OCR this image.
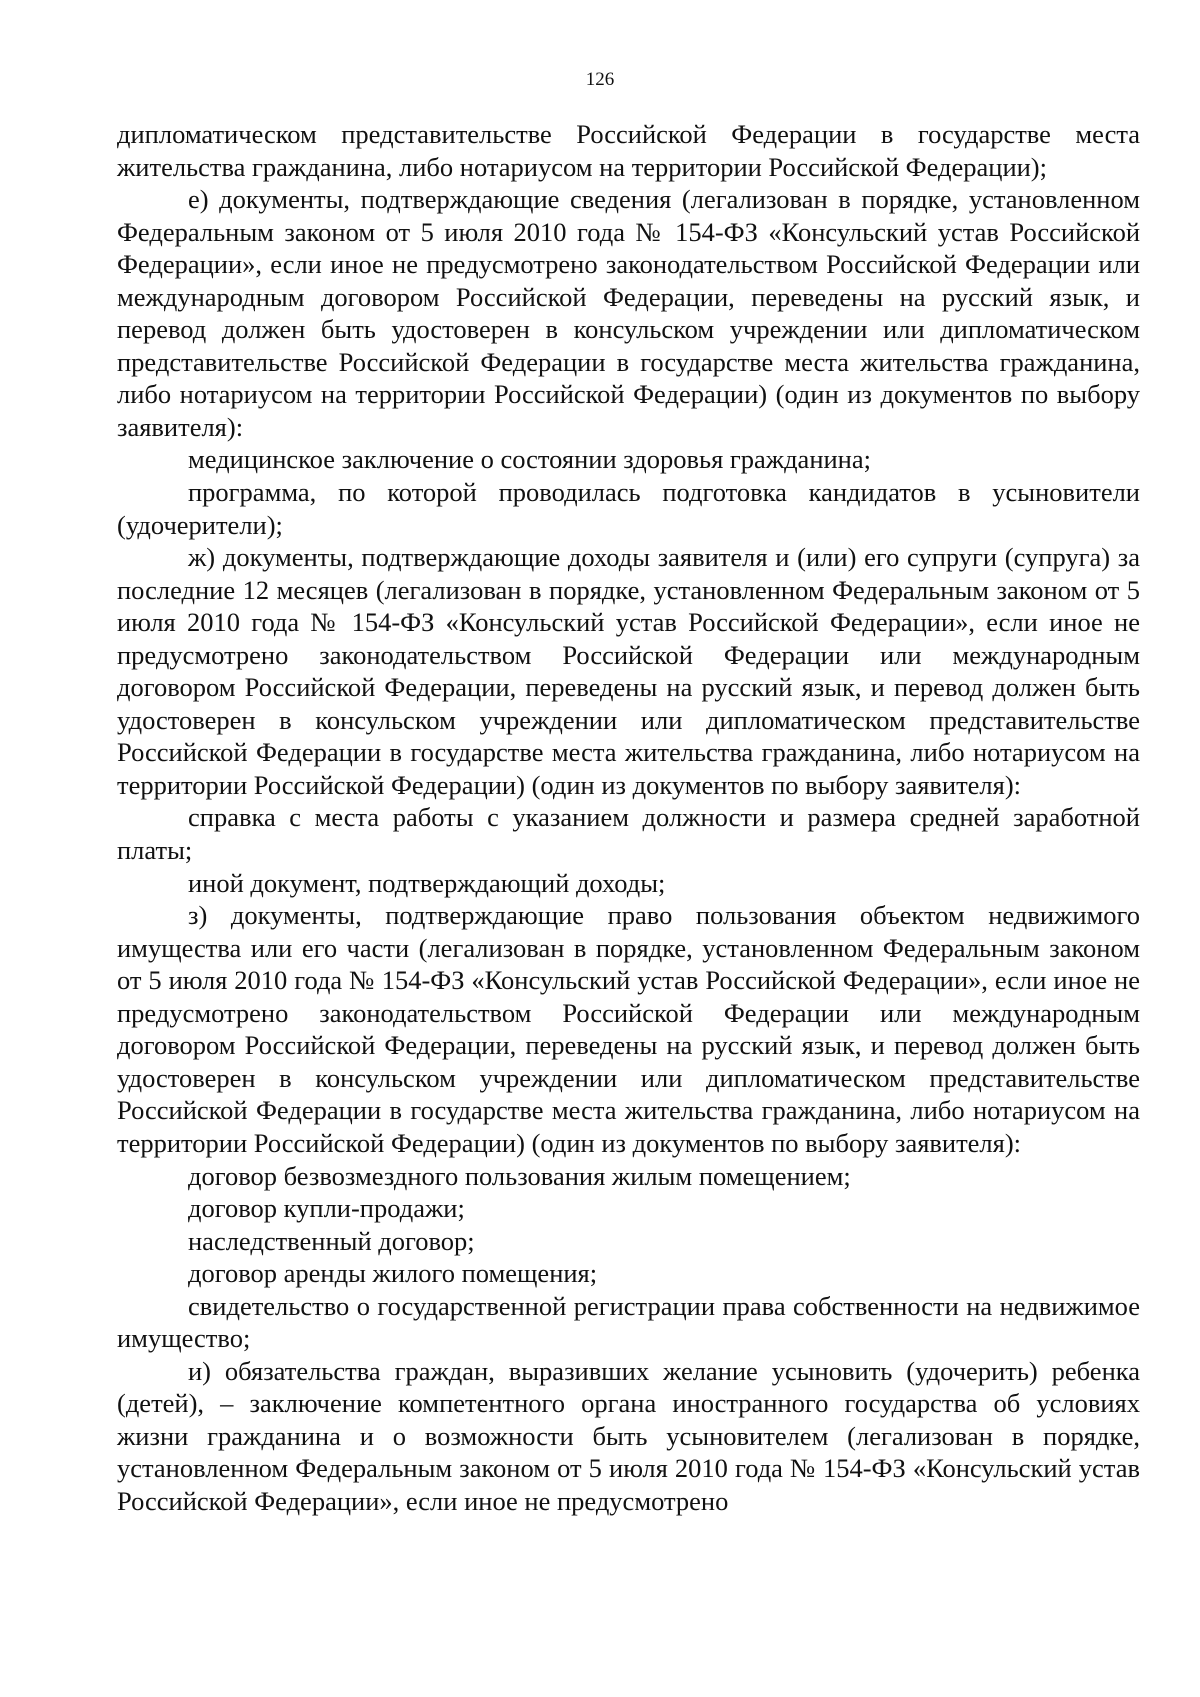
126

дипломатическом представительстве Российской Федерации в государстве места жительства гражданина, либо нотариусом на территории Российской Федерации);

е) документы, подтверждающие сведения (легализован в порядке, установленном Федеральным законом от 5 июля 2010 года № 154-ФЗ «Консульский устав Российской Федерации», если иное не предусмотрено законодательством Российской Федерации или международным договором Российской Федерации, переведены на русский язык, и перевод должен быть удостоверен в консульском учреждении или дипломатическом представительстве Российской Федерации в государстве места жительства гражданина, либо нотариусом на территории Российской Федерации) (один из документов по выбору заявителя):

медицинское заключение о состоянии здоровья гражданина;

программа, по которой проводилась подготовка кандидатов в усыновители (удочерители);

ж) документы, подтверждающие доходы заявителя и (или) его супруги (супруга) за последние 12 месяцев (легализован в порядке, установленном Федеральным законом от 5 июля 2010 года № 154-ФЗ «Консульский устав Российской Федерации», если иное не предусмотрено законодательством Российской Федерации или международным договором Российской Федерации, переведены на русский язык, и перевод должен быть удостоверен в консульском учреждении или дипломатическом представительстве Российской Федерации в государстве места жительства гражданина, либо нотариусом на территории Российской Федерации) (один из документов по выбору заявителя):

справка с места работы с указанием должности и размера средней заработной платы;

иной документ, подтверждающий доходы;

з) документы, подтверждающие право пользования объектом недвижимого имущества или его части (легализован в порядке, установленном Федеральным законом от 5 июля 2010 года № 154-ФЗ «Консульский устав Российской Федерации», если иное не предусмотрено законодательством Российской Федерации или международным договором Российской Федерации, переведены на русский язык, и перевод должен быть удостоверен в консульском учреждении или дипломатическом представительстве Российской Федерации в государстве места жительства гражданина, либо нотариусом на территории Российской Федерации) (один из документов по выбору заявителя):

договор безвозмездного пользования жилым помещением;

договор купли-продажи;

наследственный договор;

договор аренды жилого помещения;

свидетельство о государственной регистрации права собственности на недвижимое имущество;

и) обязательства граждан, выразивших желание усыновить (удочерить) ребенка (детей), – заключение компетентного органа иностранного государства об условиях жизни гражданина и о возможности быть усыновителем (легализован в порядке, установленном Федеральным законом от 5 июля 2010 года № 154-ФЗ «Консульский устав Российской Федерации», если иное не предусмотрено
